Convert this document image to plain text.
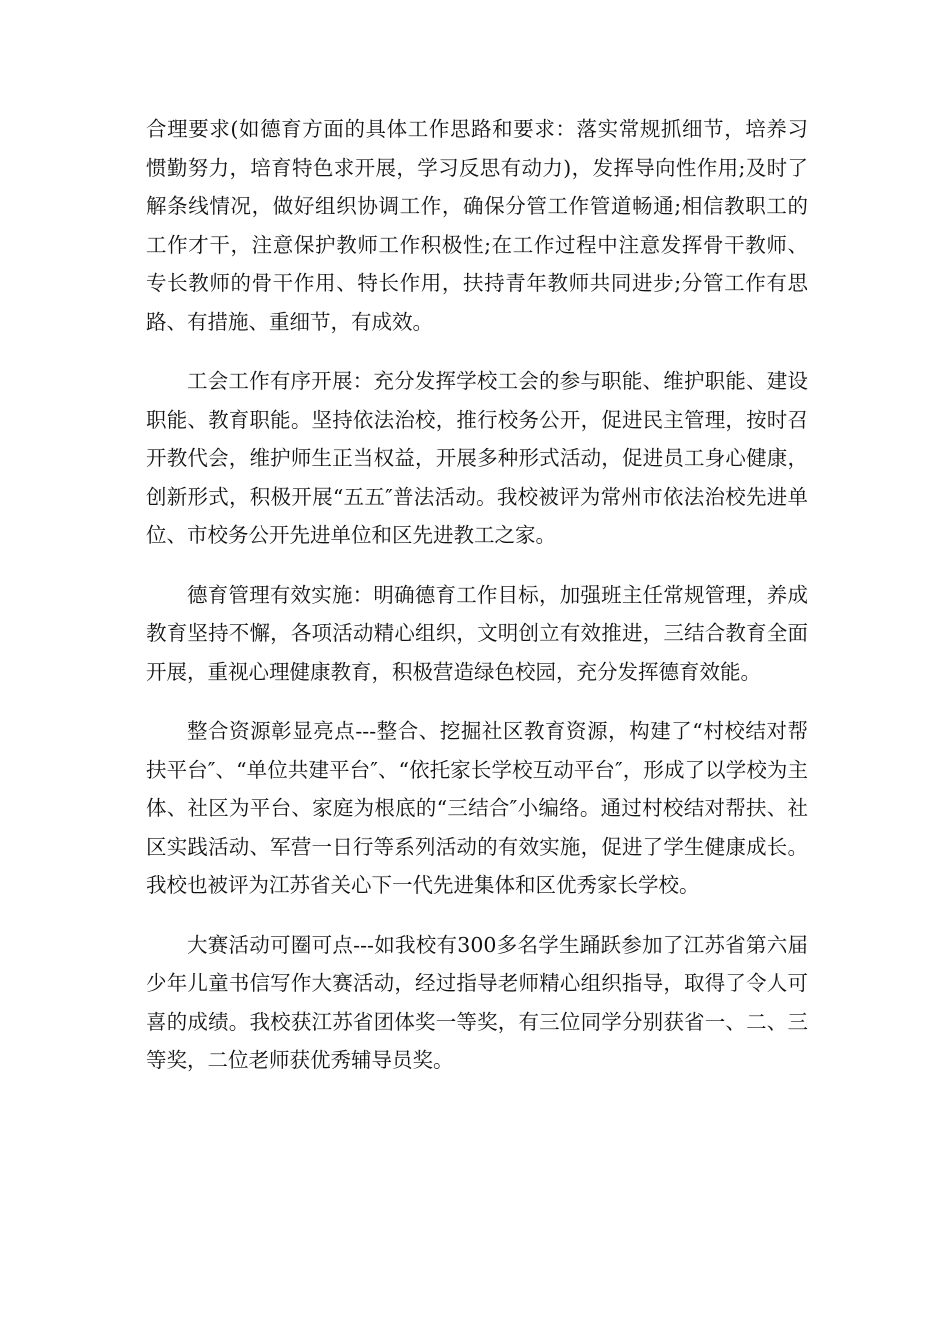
合理要求(如德育方面的具体工作思路和要求：落实常规抓细节，培养习惯勤努力，培育特色求开展，学习反思有动力)，发挥导向性作用;及时了解条线情况，做好组织协调工作，确保分管工作管道畅通;相信教职工的工作才干，注意保护教师工作积极性;在工作过程中注意发挥骨干教师、专长教师的骨干作用、特长作用，扶持青年教师共同进步;分管工作有思路、有措施、重细节，有成效。

工会工作有序开展：充分发挥学校工会的参与职能、维护职能、建设职能、教育职能。坚持依法治校，推行校务公开，促进民主管理，按时召开教代会，维护师生正当权益，开展多种形式活动，促进员工身心健康，创新形式，积极开展“五五″普法活动。我校被评为常州市依法治校先进单位、市校务公开先进单位和区先进教工之家。

德育管理有效实施：明确德育工作目标，加强班主任常规管理，养成教育坚持不懈，各项活动精心组织，文明创立有效推进，三结合教育全面开展，重视心理健康教育，积极营造绿色校园，充分发挥德育效能。

整合资源彰显亮点---整合、挖掘社区教育资源，构建了“村校结对帮扶平台″、“单位共建平台″、“依托家长学校互动平台″，形成了以学校为主体、社区为平台、家庭为根底的“三结合″小编络。通过村校结对帮扶、社区实践活动、军营一日行等系列活动的有效实施，促进了学生健康成长。我校也被评为江苏省关心下一代先进集体和区优秀家长学校。

大赛活动可圈可点---如我校有300多名学生踊跃参加了江苏省第六届少年儿童书信写作大赛活动，经过指导老师精心组织指导，取得了令人可喜的成绩。我校获江苏省团体奖一等奖，有三位同学分别获省一、二、三等奖，二位老师获优秀辅导员奖。
